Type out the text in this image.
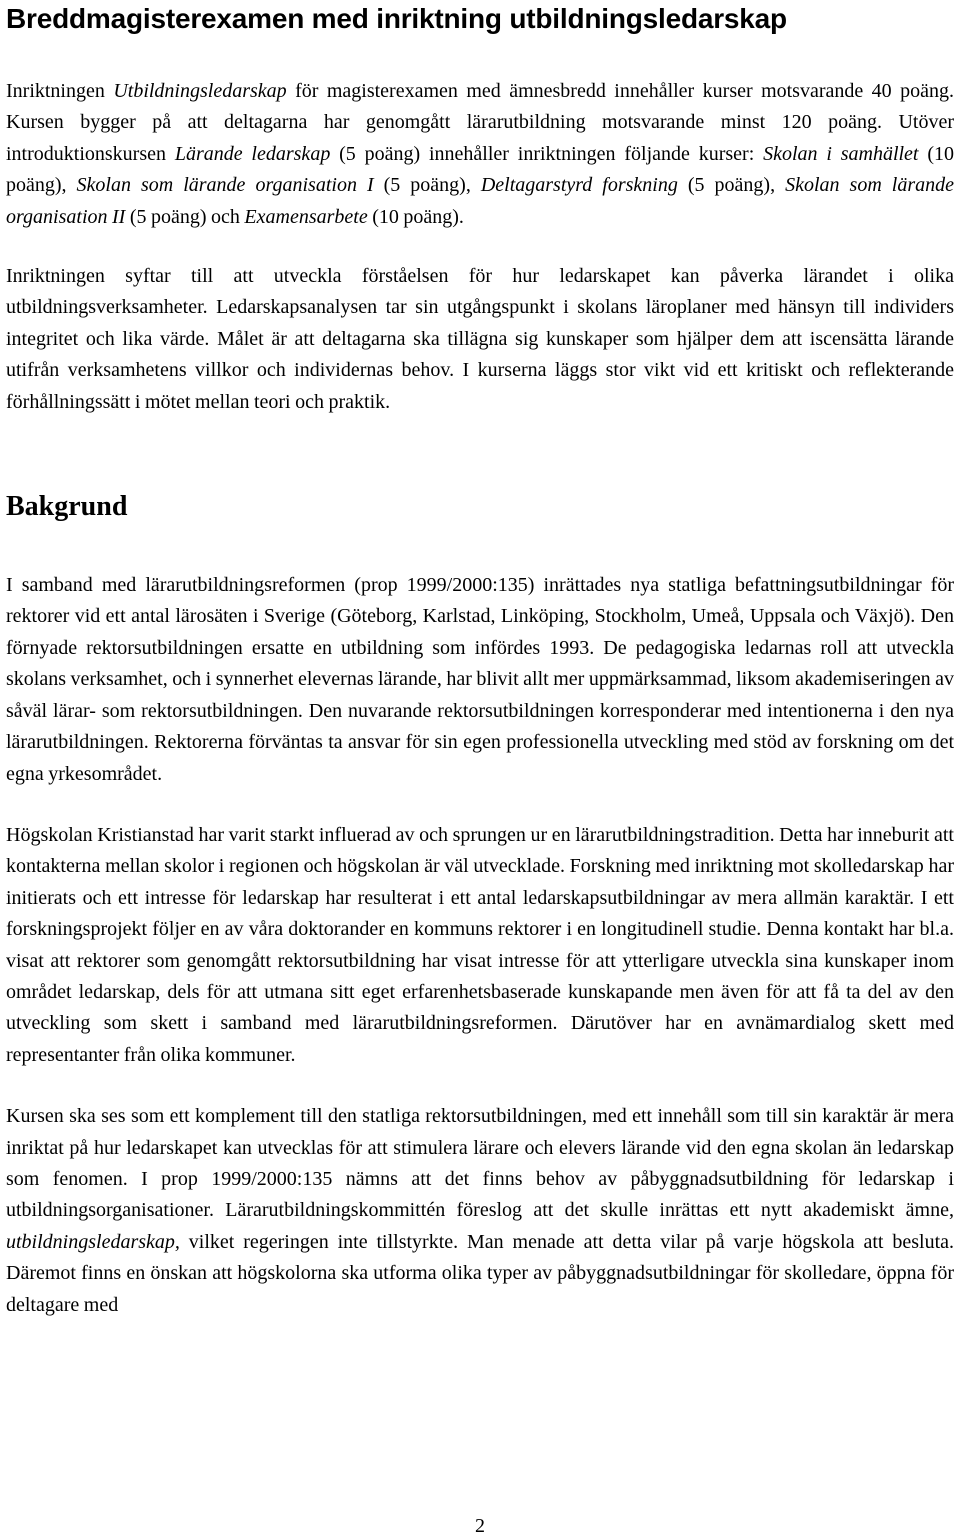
Breddmagisterexamen med inriktning utbildningsledarskap

Inriktningen Utbildningsledarskap för magisterexamen med ämnesbredd innehåller kurser motsvarande 40 poäng. Kursen bygger på att deltagarna har genomgått lärarutbildning motsvarande minst 120 poäng. Utöver introduktionskursen Lärande ledarskap (5 poäng) innehåller inriktningen följande kurser: Skolan i samhället (10 poäng), Skolan som lärande organisation I (5 poäng), Deltagarstyrd forskning (5 poäng), Skolan som lärande organisation II (5 poäng) och Examensarbete (10 poäng).

Inriktningen syftar till att utveckla förståelsen för hur ledarskapet kan påverka lärandet i olika utbildningsverksamheter. Ledarskapsanalysen tar sin utgångspunkt i skolans läroplaner med hänsyn till individers integritet och lika värde. Målet är att deltagarna ska tillägna sig kunskaper som hjälper dem att iscensätta lärande utifrån verksamhetens villkor och individernas behov. I kurserna läggs stor vikt vid ett kritiskt och reflekterande förhållningssätt i mötet mellan teori och praktik.

Bakgrund

I samband med lärarutbildningsreformen (prop 1999/2000:135) inrättades nya statliga befattningsutbildningar för rektorer vid ett antal lärosäten i Sverige (Göteborg, Karlstad, Linköping, Stockholm, Umeå, Uppsala och Växjö). Den förnyade rektorsutbildningen ersatte en utbildning som infördes 1993. De pedagogiska ledarnas roll att utveckla skolans verksamhet, och i synnerhet elevernas lärande, har blivit allt mer uppmärksammad, liksom akademiseringen av såväl lärar- som rektorsutbildningen. Den nuvarande rektorsutbildningen korresponderar med intentionerna i den nya lärarutbildningen. Rektorerna förväntas ta ansvar för sin egen professionella utveckling med stöd av forskning om det egna yrkesområdet.

Högskolan Kristianstad har varit starkt influerad av och sprungen ur en lärarutbildningstradition. Detta har inneburit att kontakterna mellan skolor i regionen och högskolan är väl utvecklade. Forskning med inriktning mot skolledarskap har initierats och ett intresse för ledarskap har resulterat i ett antal ledarskapsutbildningar av mera allmän karaktär. I ett forskningsprojekt följer en av våra doktorander en kommuns rektorer i en longitudinell studie. Denna kontakt har bl.a. visat att rektorer som genomgått rektorsutbildning har visat intresse för att ytterligare utveckla sina kunskaper inom området ledarskap, dels för att utmana sitt eget erfarenhetsbaserade kunskapande men även för att få ta del av den utveckling som skett i samband med lärarutbildningsreformen. Därutöver har en avnämardialog skett med representanter från olika kommuner.

Kursen ska ses som ett komplement till den statliga rektorsutbildningen, med ett innehåll som till sin karaktär är mera inriktat på hur ledarskapet kan utvecklas för att stimulera lärare och elevers lärande vid den egna skolan än ledarskap som fenomen. I prop 1999/2000:135 nämns att det finns behov av påbyggnadsutbildning för ledarskap i utbildningsorganisationer. Lärarutbildningskommittén föreslog att det skulle inrättas ett nytt akademiskt ämne, utbildningsledarskap, vilket regeringen inte tillstyrkte. Man menade att detta vilar på varje högskola att besluta. Däremot finns en önskan att högskolorna ska utforma olika typer av påbyggnadsutbildningar för skolledare, öppna för deltagare med

2
